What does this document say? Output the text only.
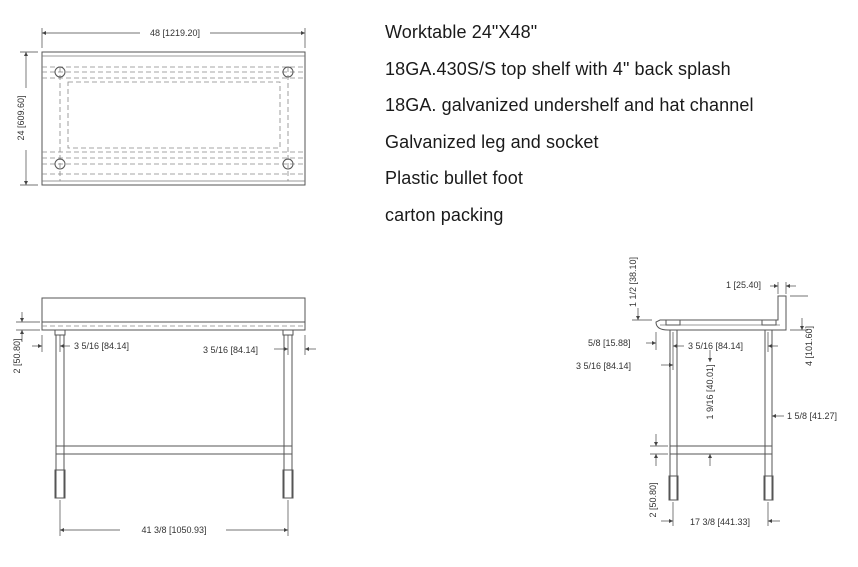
Worktable 24"X48"
18GA.430S/S top shelf with 4" back splash
18GA. galvanized undershelf and hat channel
Galvanized leg and socket
Plastic bullet foot
carton packing
48 [1219.20]
24 [609.60]
3 5/16 [84.14]	3 5/16 [84.14]
2 [50.80]
41 3/8 [1050.93]
1 1/2 [38.10]	1 [25.40]
5/8 [15.88]
3 5/16 [84.14]
3 5/16 [84.14]	4 [101.60]
1 9/16 [40.01]	1 5/8 [41.27]
2 [50.80]
17 3/8 [441.33]
